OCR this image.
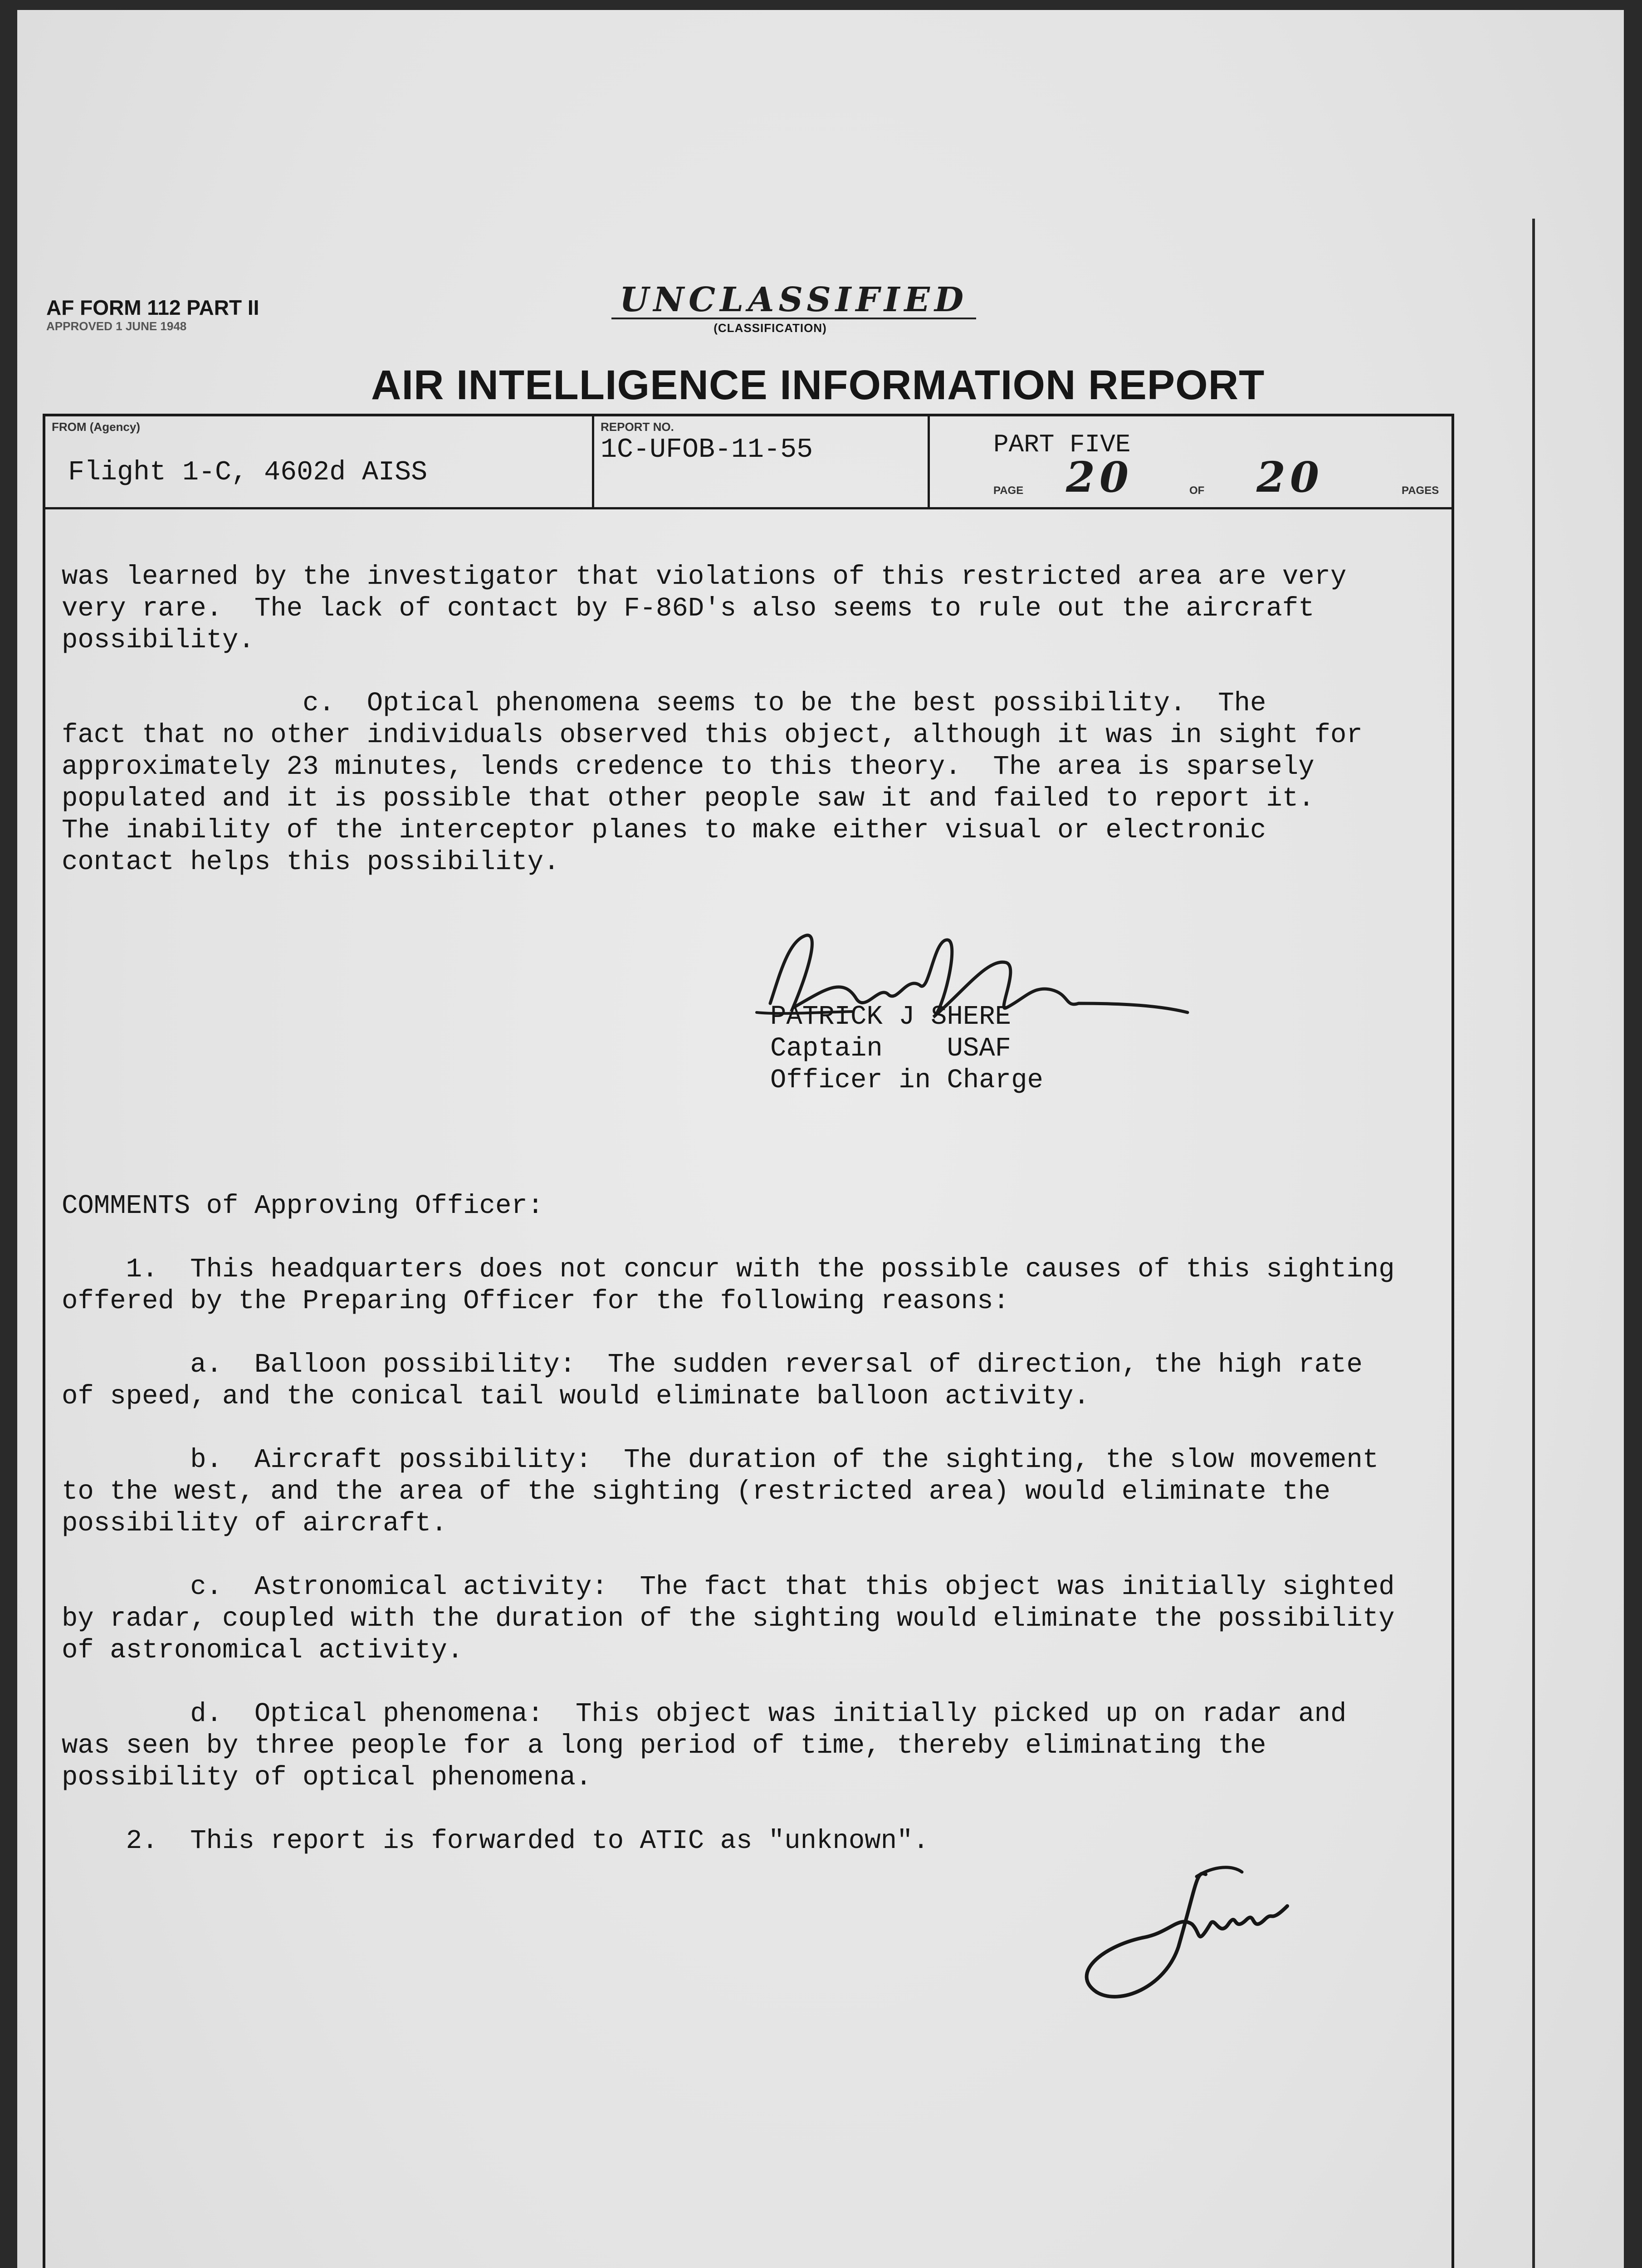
AF FORM 112 PART II
APPROVED 1 JUNE 1948
UNCLASSIFIED
(CLASSIFICATION)
AIR INTELLIGENCE INFORMATION REPORT
FROM (Agency)
Flight 1-C, 4602d AISS
REPORT NO.
1C-UFOB-11-55	PART FIVE
PAGE 20	OF 20	PAGES
was learned by the investigator that violations of this restricted area are very
very rare.  The lack of contact by F-86D's also seems to rule out the aircraft
possibility.
c.  Optical phenomena seems to be the best possibility.  The
fact that no other individuals observed this object, although it was in sight for
approximately 23 minutes, lends credence to this theory.  The area is sparsely
populated and it is possible that other people saw it and failed to report it.
The inability of the interceptor planes to make either visual or electronic
contact helps this possibility.
PATRICK J SHERE
Captain    USAF
Officer in Charge
COMMENTS of Approving Officer:
1.  This headquarters does not concur with the possible causes of this sighting
offered by the Preparing Officer for the following reasons:
a.  Balloon possibility:  The sudden reversal of direction, the high rate
of speed, and the conical tail would eliminate balloon activity.
b.  Aircraft possibility:  The duration of the sighting, the slow movement
to the west, and the area of the sighting (restricted area) would eliminate the
possibility of aircraft.
c.  Astronomical activity:  The fact that this object was initially sighted
by radar, coupled with the duration of the sighting would eliminate the possibility
of astronomical activity.
d.  Optical phenomena:  This object was initially picked up on radar and
was seen by three people for a long period of time, thereby eliminating the
possibility of optical phenomena.
2.  This report is forwarded to ATIC as "unknown".
